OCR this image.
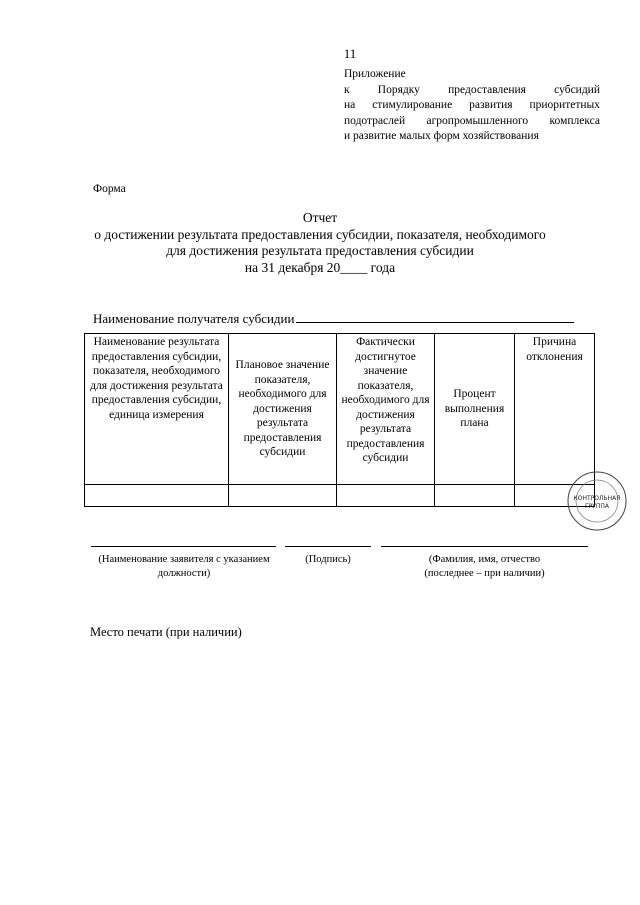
11
Приложение
к Порядку предоставления субсидий
на стимулирование развития приоритетных
подотраслей агропромышленного комплекса
и развитие малых форм хозяйствования
Форма
Отчет
о достижении результата предоставления субсидии, показателя, необходимого
для достижения результата предоставления субсидии
на 31 декабря 20____ года
Наименование получателя субсидии
Наименование результата предоставления субсидии, показателя, необходимого для достижения результата предоставления субсидии, единица измерения	Плановое значение показателя, необходимого для достижения результата предоставления субсидии	Фактически достигнутое значение показателя, необходимого для достижения результата предоставления субсидии	Процент выполнения плана	Причина отклонения

КОНТРОЛЬНАЯ
ГРУППА
(Наименование заявителя с указанием
должности)
(Подпись)	(Фамилия, имя, отчество
(последнее – при наличии)
Место печати (при наличии)
